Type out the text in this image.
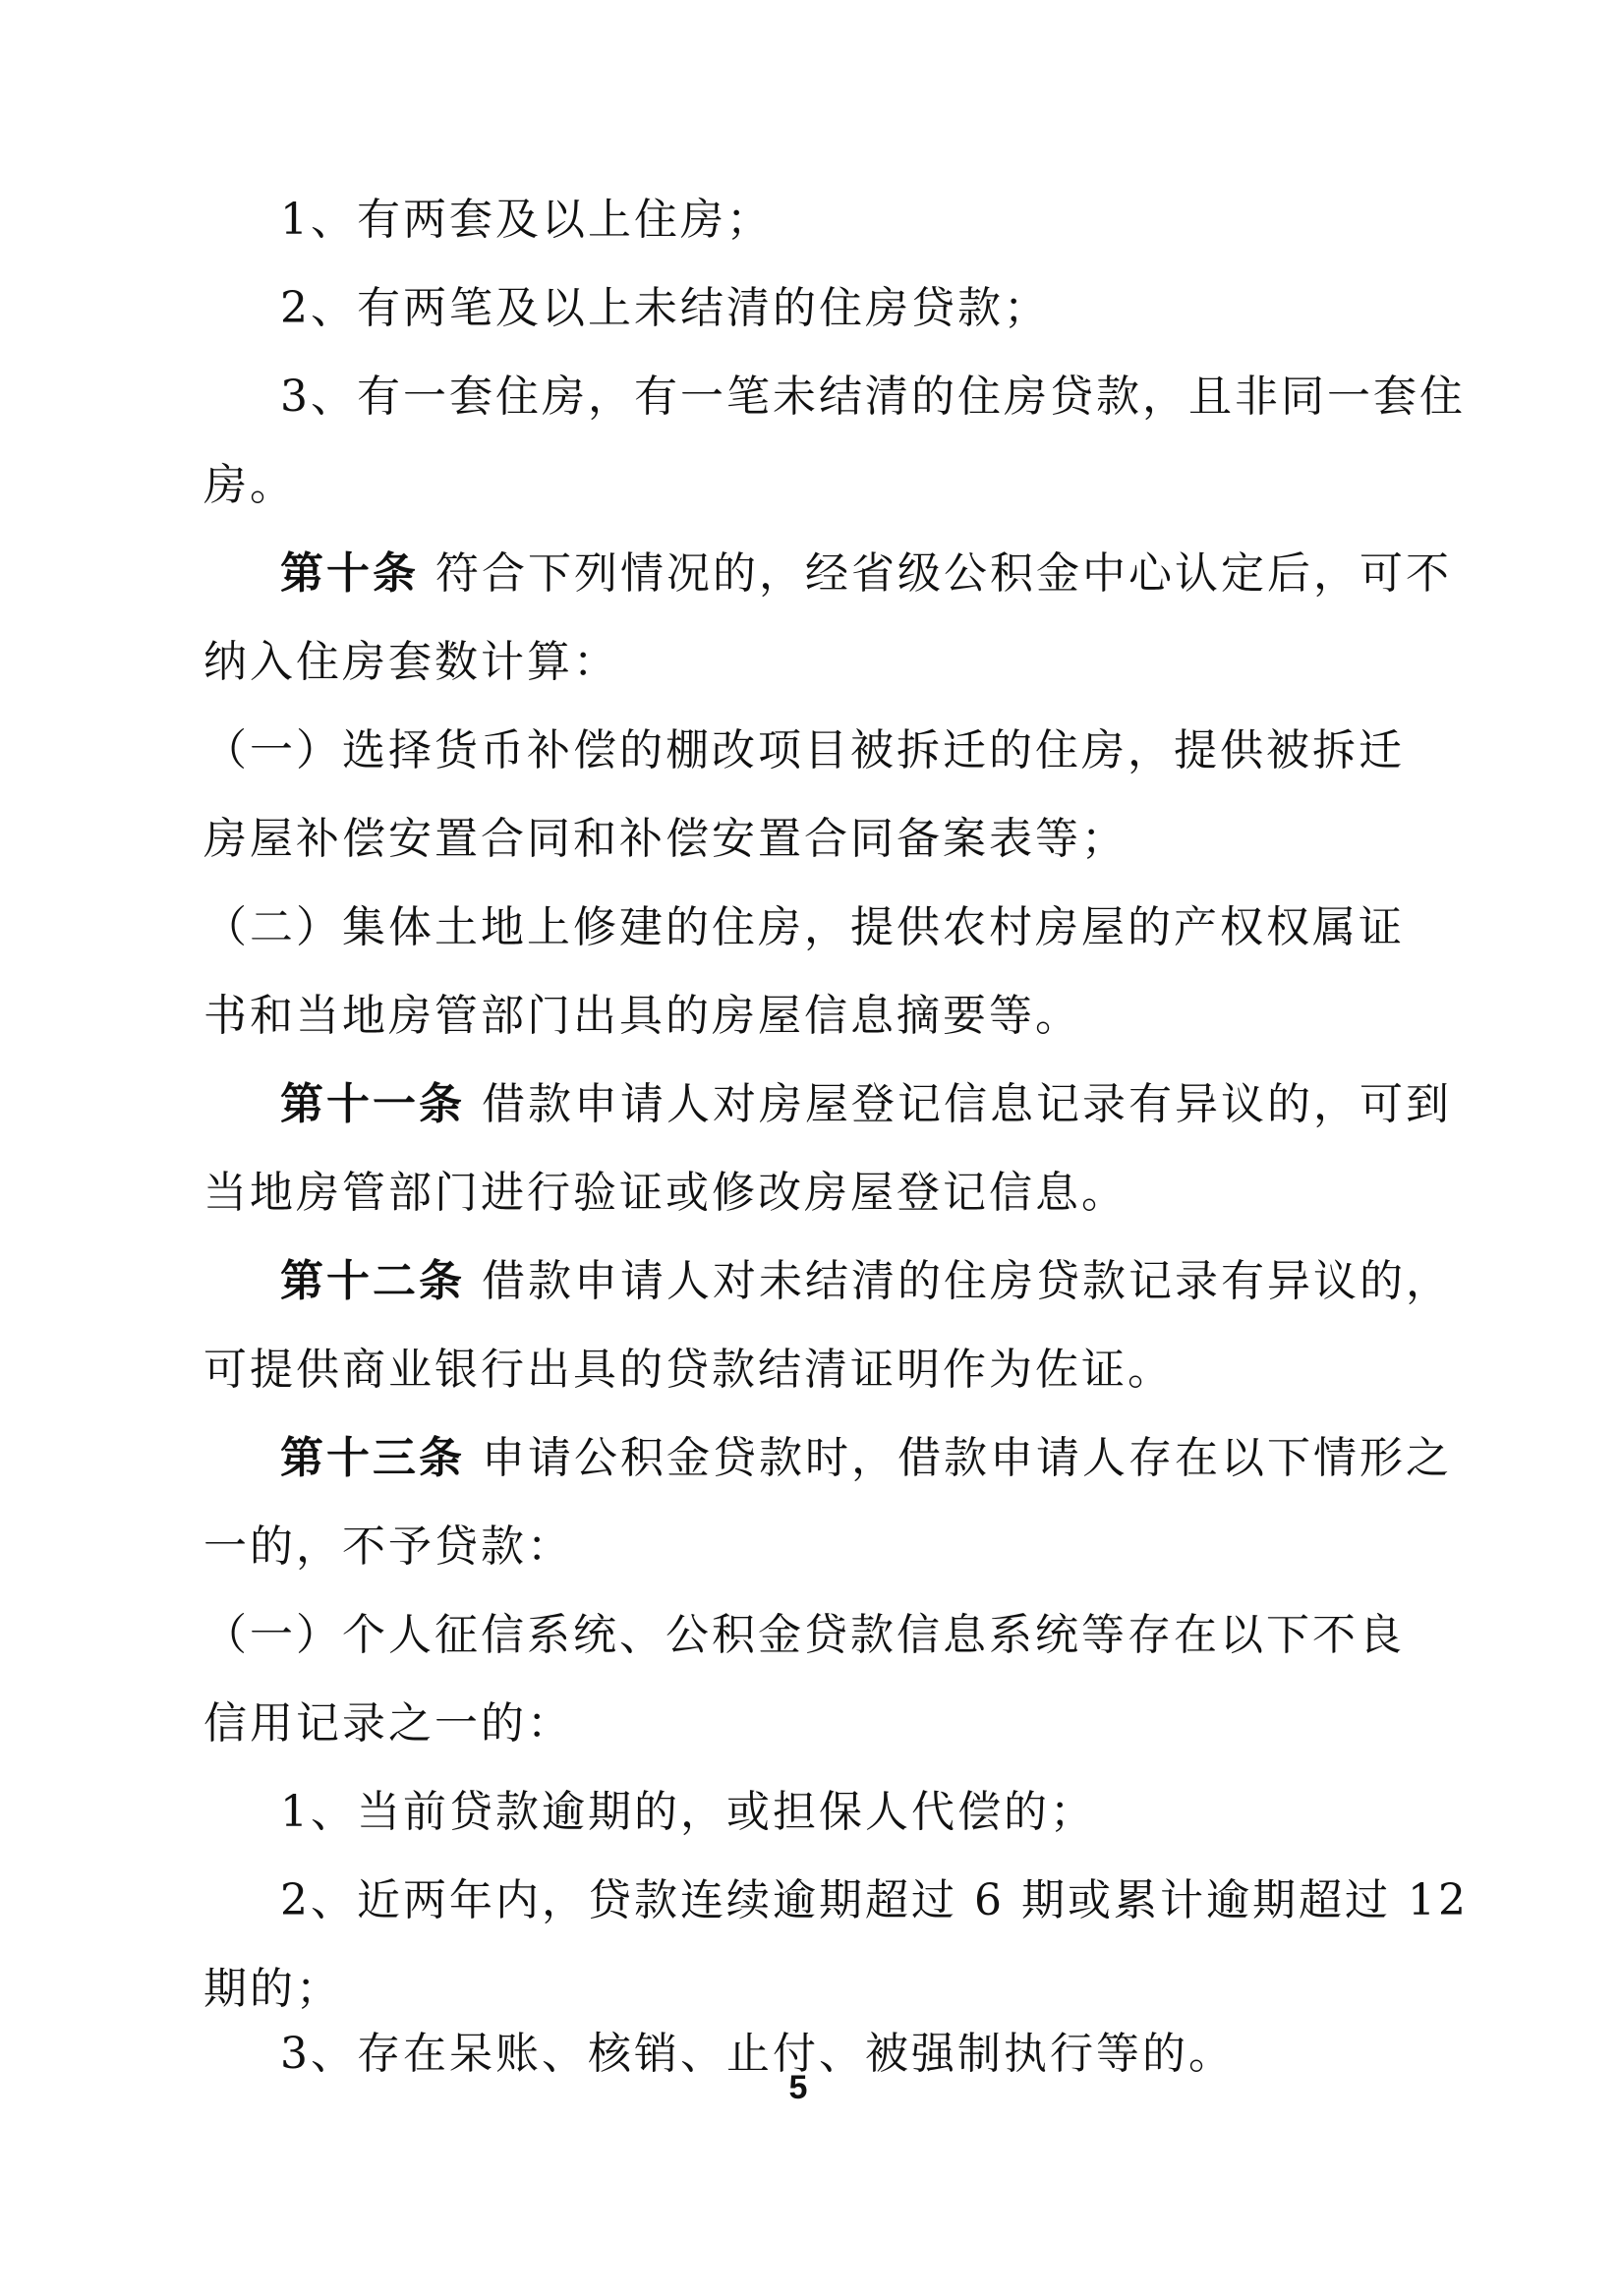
1、有两套及以上住房；

2、有两笔及以上未结清的住房贷款；

3、有一套住房，有一笔未结清的住房贷款，且非同一套住

房。

第十条 符合下列情况的，经省级公积金中心认定后，可不

纳入住房套数计算：

（一）选择货币补偿的棚改项目被拆迁的住房，提供被拆迁

房屋补偿安置合同和补偿安置合同备案表等；

（二）集体土地上修建的住房，提供农村房屋的产权权属证

书和当地房管部门出具的房屋信息摘要等。

第十一条 借款申请人对房屋登记信息记录有异议的，可到

当地房管部门进行验证或修改房屋登记信息。

第十二条 借款申请人对未结清的住房贷款记录有异议的，

可提供商业银行出具的贷款结清证明作为佐证。

第十三条 申请公积金贷款时，借款申请人存在以下情形之

一的，不予贷款：

（一）个人征信系统、公积金贷款信息系统等存在以下不良

信用记录之一的：

1、当前贷款逾期的，或担保人代偿的；

2、近两年内，贷款连续逾期超过 6 期或累计逾期超过 12

期的；

3、存在呆账、核销、止付、被强制执行等的。

5
